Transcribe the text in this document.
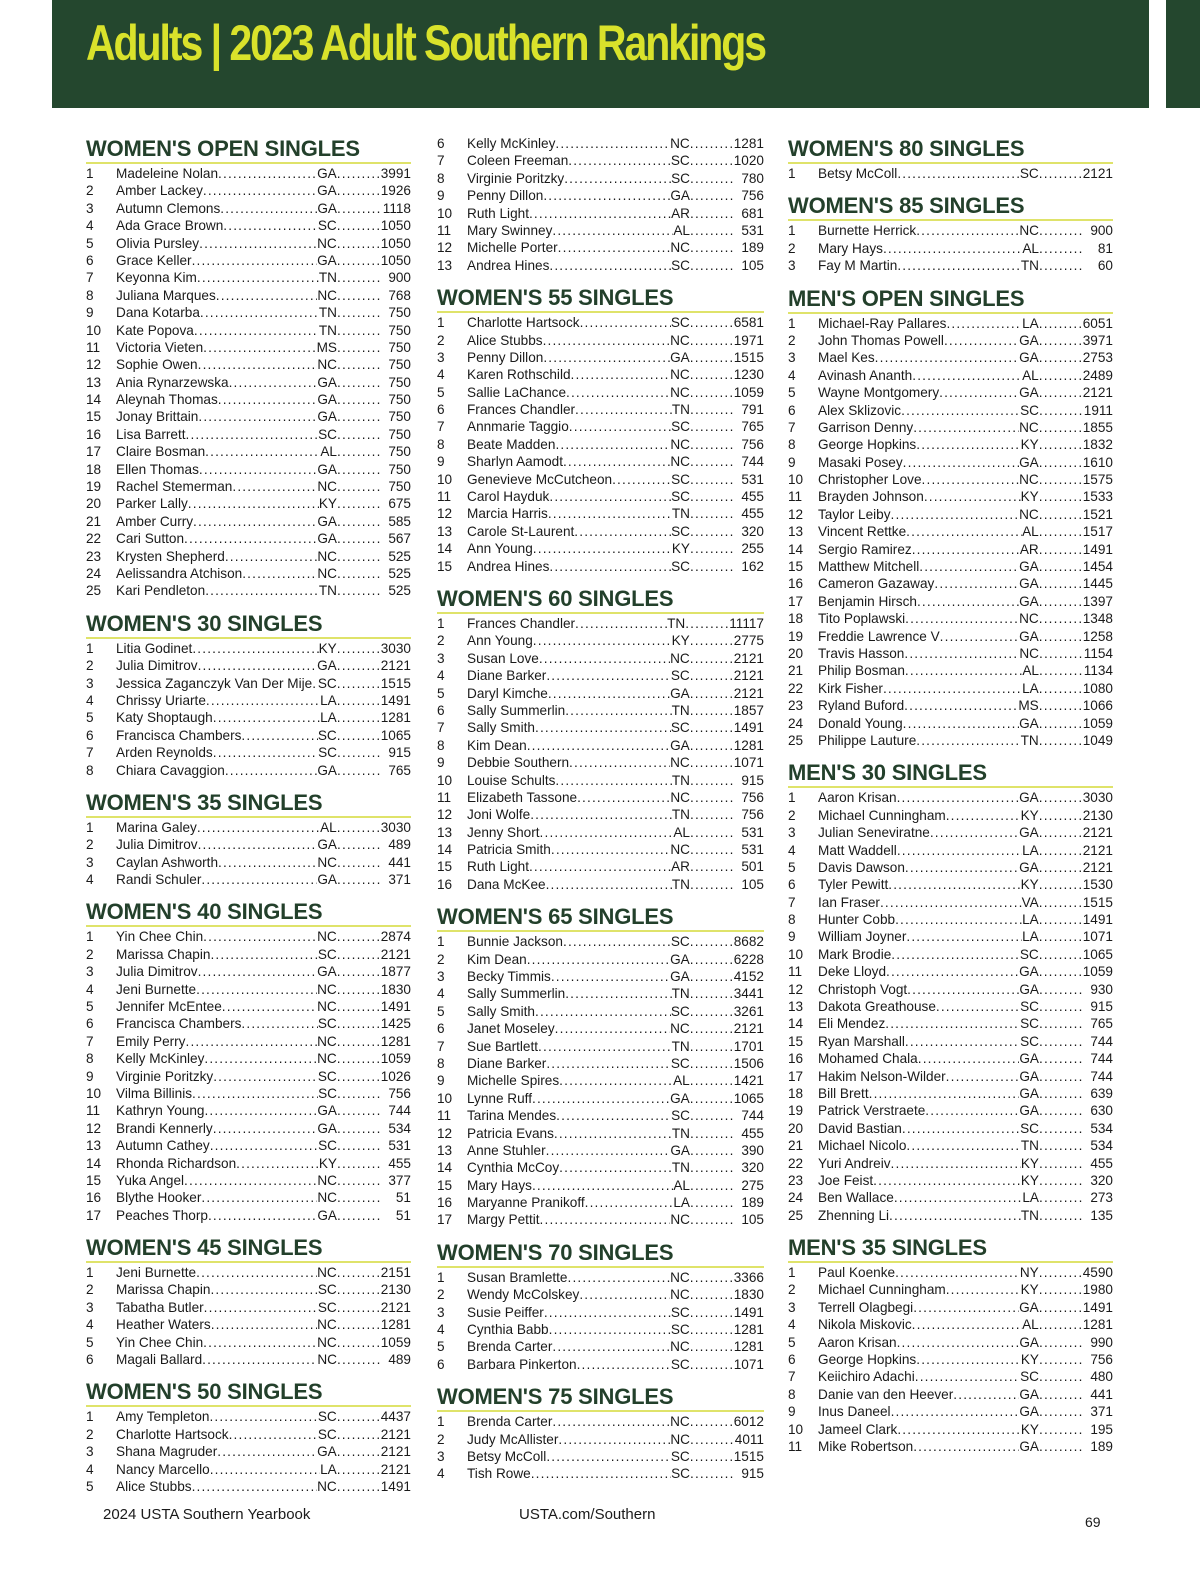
Adults | 2023 Adult Southern Rankings
WOMEN'S OPEN SINGLES
1	Madeleine Nolan . . .	GA . . .	3991
2	Amber Lackey . . .	GA . . .	1926
3	Autumn Clemons . . .	GA . . .	1118
4	Ada Grace Brown . . .	SC . . .	1050
5	Olivia Pursley . . .	NC . . .	1050
6	Grace Keller . . .	GA . . .	1050
7	Keyonna Kim . . .	TN . . .	900
8	Juliana Marques . . .	NC . . .	768
9	Dana Kotarba . . .	TN . . .	750
10	Kate Popova . . .	TN . . .	750
11	Victoria Vieten . . .	MS . . .	750
12	Sophie Owen . . .	NC . . .	750
13	Ania Rynarzewska . . .	GA . . .	750
14	Aleynah Thomas . . .	GA . . .	750
15	Jonay Brittain . . .	GA . . .	750
16	Lisa Barrett . . .	SC . . .	750
17	Claire Bosman . . .	AL . . .	750
18	Ellen Thomas . . .	GA . . .	750
19	Rachel Stemerman . . .	NC . . .	750
20	Parker Lally . . .	KY . . .	675
21	Amber Curry . . .	GA . . .	585
22	Cari Sutton . . .	GA . . .	567
23	Krysten Shepherd . . .	NC . . .	525
24	Aelissandra Atchison . . .	NC . . .	525
25	Kari Pendleton . . .	TN . . .	525
WOMEN'S 30 SINGLES
1	Litia Godinet . . .	KY . . .	3030
2	Julia Dimitrov . . .	GA . . .	2121
3	Jessica Zaganczyk Van Der Mije . . . SC . . .	1515
4	Chrissy Uriarte . . .	LA . . .	1491
5	Katy Shoptaugh . . .	LA . . .	1281
6	Francisca Chambers . . .	SC . . .	1065
7	Arden Reynolds . . .	SC . . .	915
8	Chiara Cavaggion . . .	GA . . .	765
WOMEN'S 35 SINGLES
1	Marina Galey . . .	AL . . .	3030
2	Julia Dimitrov . . .	GA . . .	489
3	Caylan Ashworth . . .	NC . . .	441
4	Randi Schuler . . .	GA . . .	371
WOMEN'S 40 SINGLES
1	Yin Chee Chin . . .	NC . . .	2874
2	Marissa Chapin . . .	SC . . .	2121
3	Julia Dimitrov . . .	GA . . .	1877
4	Jeni Burnette . . .	NC . . .	1830
5	Jennifer McEntee . . .	NC . . .	1491
6	Francisca Chambers . . .	SC . . .	1425
7	Emily Perry . . .	NC . . .	1281
8	Kelly McKinley . . .	NC . . .	1059
9	Virginie Poritzky . . .	SC . . .	1026
10	Vilma Billinis . . .	SC . . .	756
11	Kathryn Young . . .	GA . . .	744
12	Brandi Kennerly . . .	GA . . .	534
13	Autumn Cathey . . .	SC . . .	531
14	Rhonda Richardson . . .	KY . . .	455
15	Yuka Angel . . .	NC . . .	377
16	Blythe Hooker . . .	NC . . .	51
17	Peaches Thorp . . .	GA . . .	51
WOMEN'S 45 SINGLES
1	Jeni Burnette . . .	NC . . .	2151
2	Marissa Chapin . . .	SC . . .	2130
3	Tabatha Butler . . .	SC . . .	2121
4	Heather Waters . . .	NC . . .	1281
5	Yin Chee Chin . . .	NC . . .	1059
6	Magali Ballard . . .	NC . . .	489
WOMEN'S 50 SINGLES
1	Amy Templeton . . .	SC . . .	4437
2	Charlotte Hartsock . . .	SC . . .	2121
3	Shana Magruder . . .	GA . . .	2121
4	Nancy Marcello . . .	LA . . .	2121
5	Alice Stubbs . . .	NC . . .	1491
6	Kelly McKinley . . .	NC . . .	1281
7	Coleen Freeman . . .	SC . . .	1020
8	Virginie Poritzky . . .	SC . . .	780
9	Penny Dillon . . .	GA . . .	756
10	Ruth Light . . .	AR . . .	681
11	Mary Swinney . . .	AL . . .	531
12	Michelle Porter . . .	NC . . .	189
13	Andrea Hines . . .	SC . . .	105
WOMEN'S 55 SINGLES
1	Charlotte Hartsock . . .	SC . . .	6581
2	Alice Stubbs . . .	NC . . .	1971
3	Penny Dillon . . .	GA . . .	1515
4	Karen Rothschild . . .	NC . . .	1230
5	Sallie LaChance . . .	NC . . .	1059
6	Frances Chandler . . .	TN . . .	791
7	Annmarie Taggio . . .	SC . . .	765
8	Beate Madden . . .	NC . . .	756
9	Sharlyn Aamodt . . .	NC . . .	744
10	Genevieve McCutcheon . . .	SC . . .	531
11	Carol Hayduk . . .	SC . . .	455
12	Marcia Harris . . .	TN . . .	455
13	Carole St-Laurent . . .	SC . . .	320
14	Ann Young . . .	KY . . .	255
15	Andrea Hines . . .	SC . . .	162
WOMEN'S 60 SINGLES
1	Frances Chandler . . .	TN . . .	11117
2	Ann Young . . .	KY . . .	2775
3	Susan Love . . .	NC . . .	2121
4	Diane Barker . . .	SC . . .	2121
5	Daryl Kimche . . .	GA . . .	2121
6	Sally Summerlin . . .	TN . . .	1857
7	Sally Smith . . .	SC . . .	1491
8	Kim Dean . . .	GA . . .	1281
9	Debbie Southern . . .	NC . . .	1071
10	Louise Schults . . .	TN . . .	915
11	Elizabeth Tassone . . .	NC . . .	756
12	Joni Wolfe . . .	TN . . .	756
13	Jenny Short . . .	AL . . .	531
14	Patricia Smith . . .	NC . . .	531
15	Ruth Light . . .	AR . . .	501
16	Dana McKee . . .	TN . . .	105
WOMEN'S 65 SINGLES
1	Bunnie Jackson . . .	SC . . .	8682
2	Kim Dean . . .	GA . . .	6228
3	Becky Timmis . . .	GA . . .	4152
4	Sally Summerlin . . .	TN . . .	3441
5	Sally Smith . . .	SC . . .	3261
6	Janet Moseley . . .	NC . . .	2121
7	Sue Bartlett . . .	TN . . .	1701
8	Diane Barker . . .	SC . . .	1506
9	Michelle Spires . . .	AL . . .	1421
10	Lynne Ruff . . .	GA . . .	1065
11	Tarina Mendes . . .	SC . . .	744
12	Patricia Evans . . .	TN . . .	455
13	Anne Stuhler . . .	GA . . .	390
14	Cynthia McCoy . . .	TN . . .	320
15	Mary Hays . . .	AL . . .	275
16	Maryanne Pranikoff . . .	LA . . .	189
17	Margy Pettit . . .	NC . . .	105
WOMEN'S 70 SINGLES
1	Susan Bramlette . . .	NC . . .	3366
2	Wendy McColskey . . .	NC . . .	1830
3	Susie Peiffer . . .	SC . . .	1491
4	Cynthia Babb . . .	SC . . .	1281
5	Brenda Carter . . .	NC . . .	1281
6	Barbara Pinkerton . . .	SC . . .	1071
WOMEN'S 75 SINGLES
1	Brenda Carter . . .	NC . . .	6012
2	Judy McAllister . . .	NC . . .	4011
3	Betsy McColl . . .	SC . . .	1515
4	Tish Rowe . . .	SC . . .	915
WOMEN'S 80 SINGLES
1	Betsy McColl . . .	SC . . .	2121
WOMEN'S 85 SINGLES
1	Burnette Herrick . . .	NC . . .	900
2	Mary Hays . . .	AL . . .	81
3	Fay M Martin . . .	TN . . .	60
MEN'S OPEN SINGLES
1	Michael-Ray Pallares . . .	LA . . .	6051
2	John Thomas Powell . . .	GA . . .	3971
3	Mael Kes . . .	GA . . .	2753
4	Avinash Ananth . . .	AL . . .	2489
5	Wayne Montgomery . . .	GA . . .	2121
6	Alex Sklizovic . . .	SC . . .	1911
7	Garrison Denny . . .	NC . . .	1855
8	George Hopkins . . .	KY . . .	1832
9	Masaki Posey . . .	GA . . .	1610
10	Christopher Love . . .	NC . . .	1575
11	Brayden Johnson . . .	KY . . .	1533
12	Taylor Leiby . . .	NC . . .	1521
13	Vincent Rettke . . .	AL . . .	1517
14	Sergio Ramirez . . .	AR . . .	1491
15	Matthew Mitchell . . .	GA . . .	1454
16	Cameron Gazaway . . .	GA . . .	1445
17	Benjamin Hirsch . . .	GA . . .	1397
18	Tito Poplawski . . .	NC . . .	1348
19	Freddie Lawrence V . . .	GA . . .	1258
20	Travis Hasson . . .	NC . . .	1154
21	Philip Bosman . . .	AL . . .	1134
22	Kirk Fisher . . .	LA . . .	1080
23	Ryland Buford . . .	MS . . .	1066
24	Donald Young . . .	GA . . .	1059
25	Philippe Lauture . . .	TN . . .	1049
MEN'S 30 SINGLES
1	Aaron Krisan . . .	GA . . .	3030
2	Michael Cunningham . . .	KY . . .	2130
3	Julian Seneviratne . . .	GA . . .	2121
4	Matt Waddell . . .	LA . . .	2121
5	Davis Dawson . . .	GA . . .	2121
6	Tyler Pewitt . . .	KY . . .	1530
7	Ian Fraser . . .	VA . . .	1515
8	Hunter Cobb . . .	LA . . .	1491
9	William Joyner . . .	LA . . .	1071
10	Mark Brodie . . .	SC . . .	1065
11	Deke Lloyd . . .	GA . . .	1059
12	Christoph Vogt . . .	GA . . .	930
13	Dakota Greathouse . . .	SC . . .	915
14	Eli Mendez . . .	SC . . .	765
15	Ryan Marshall . . .	SC . . .	744
16	Mohamed Chala . . .	GA . . .	744
17	Hakim Nelson-Wilder . . .	GA . . .	744
18	Bill Brett . . .	GA . . .	639
19	Patrick Verstraete . . .	GA . . .	630
20	David Bastian . . .	SC . . .	534
21	Michael Nicolo . . .	TN . . .	534
22	Yuri Andreiv . . .	KY . . .	455
23	Joe Feist . . .	KY . . .	320
24	Ben Wallace . . .	LA . . .	273
25	Zhenning Li . . .	TN . . .	135
MEN'S 35 SINGLES
1	Paul Koenke . . .	NY . . .	4590
2	Michael Cunningham . . .	KY . . .	1980
3	Terrell Olagbegi . . .	GA . . .	1491
4	Nikola Miskovic . . .	AL . . .	1281
5	Aaron Krisan . . .	GA . . .	990
6	George Hopkins . . .	KY . . .	756
7	Keiichiro Adachi . . .	SC . . .	480
8	Danie van den Heever . . .	GA . . .	441
9	Inus Daneel . . .	GA . . .	371
10	Jameel Clark . . .	KY . . .	195
11	Mike Robertson . . .	GA . . .	189
2024 USTA Southern Yearbook	USTA.com/Southern	69
